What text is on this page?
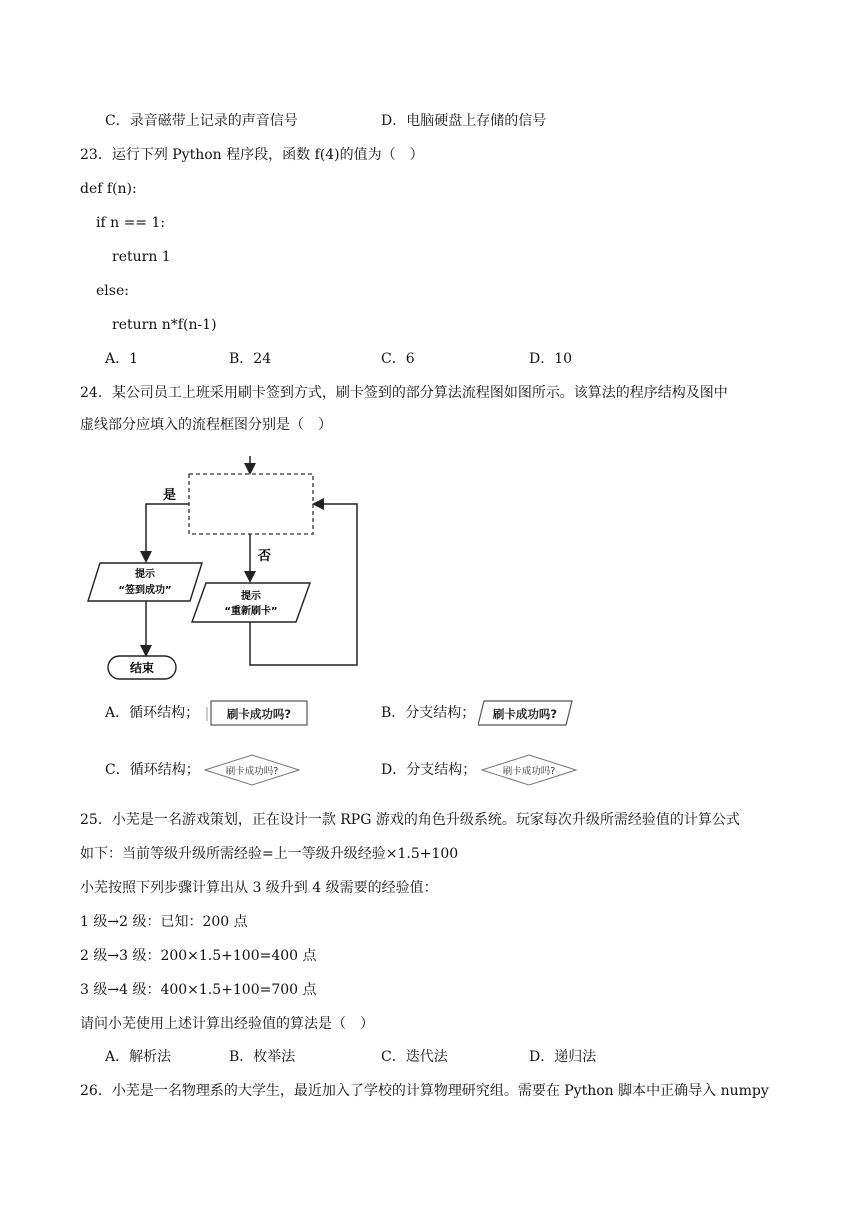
C．录音磁带上记录的声音信号	D．电脑硬盘上存储的信号
23．运行下列 Python 程序段，函数 f(4)的值为（　）
def f(n):
if n == 1:
return 1
else:
return n*f(n-1)
A．1	B．24	C．6	D．10
24．某公司员工上班采用刷卡签到方式，刷卡签到的部分算法流程图如图所示。该算法的程序结构及图中
虚线部分应填入的流程框图分别是（　）
是
否
提示
“签到成功”
提示
“重新刷卡”
结束
A．循环结构； 刷卡成功吗?	B．分支结构； 刷卡成功吗?
C．循环结构；	刷卡成功吗?	D．分支结构；	刷卡成功吗?
25．小芜是一名游戏策划，正在设计一款 RPG 游戏的角色升级系统。玩家每次升级所需经验值的计算公式
如下：当前等级升级所需经验=上一等级升级经验×1.5+100
小芜按照下列步骤计算出从 3 级升到 4 级需要的经验值：
1 级→2 级：已知：200 点
2 级→3 级：200×1.5+100=400 点
3 级→4 级：400×1.5+100=700 点
请问小芜使用上述计算出经验值的算法是（　）
A．解析法	B．枚举法	C．迭代法	D．递归法
26．小芜是一名物理系的大学生，最近加入了学校的计算物理研究组。需要在 Python 脚本中正确导入 numpy
